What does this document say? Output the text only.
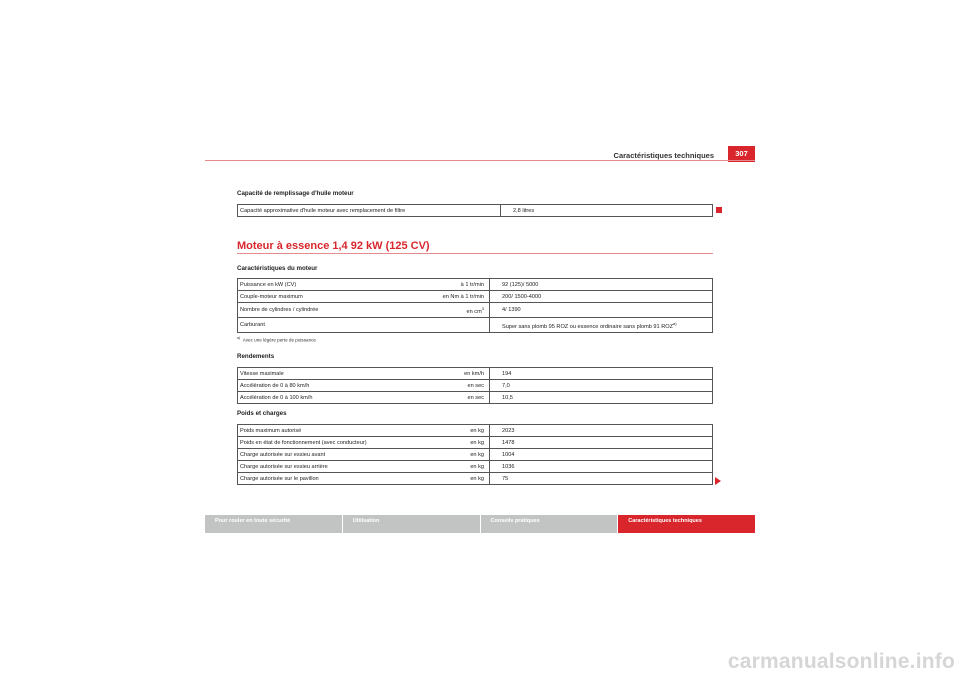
Caractéristiques techniques	307
Capacité de remplissage d'huile moteur
Capacité approximative d'huile moteur avec remplacement de filtre	2,8 litres
Moteur à essence 1,4 92 kW (125 CV)
Caractéristiques du moteur
Puissance en kW (CV)	à 1 tr/min	92 (125)/ 5000
Couple-moteur maximum	en Nm à 1 tr/min	200/ 1500-4000
Nombre de cylindres / cylindrée	en $cm^3$	4/ 1390
Carburant		Super sans plomb 95 ROZ ou essence ordinaire sans plomb 91 ROZ$^{a)}$
$^{a)}$ Avec une légère perte de puissance
Rendements
Vitesse maximale	en km/h	194
Accélération de 0 à 80 km/h	en sec	7,0
Accélération de 0 à 100 km/h	en sec	10,5
Poids et charges
Poids maximum autorisé	en kg	2023
Poids en état de fonctionnement (avec conducteur)	en kg	1478
Charge autorisée sur essieu avant	en kg	1004
Charge autorisée sur essieu arrière	en kg	1036
Charge autorisée sur le pavillon	en kg	75
Pour rouler en toute sécurité	Utilisation	Conseils pratiques	Caractéristiques techniques
carmanualsonline.info
